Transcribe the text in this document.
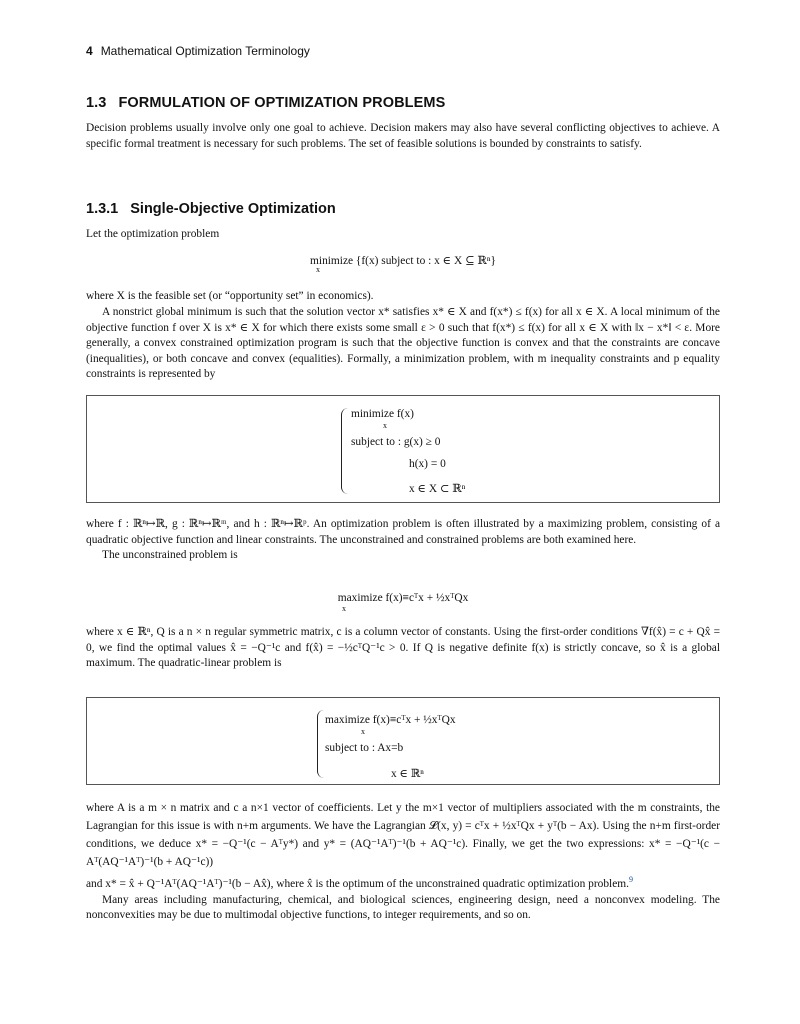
4 Mathematical Optimization Terminology
1.3 FORMULATION OF OPTIMIZATION PROBLEMS

Decision problems usually involve only one goal to achieve. Decision makers may also have several conflicting objectives to achieve. A specific formal treatment is necessary for such problems. The set of feasible solutions is bounded by constraints to satisfy.

1.3.1 Single-Objective Optimization

Let the optimization problem

minimize {f(x) subject to : x ∈ X ⊆ ℝⁿ}
x

where X is the feasible set (or “opportunity set” in economics).

A nonstrict global minimum is such that the solution vector x* satisfies x* ∈ X and f(x*) ≤ f(x) for all x ∈ X. A local minimum of the objective function f over X is x* ∈ X for which there exists some small ε > 0 such that f(x*) ≤ f(x) for all x ∈ X with ‖x − x*‖ < ε. More generally, a convex constrained optimization program is such that the objective function is convex and that the constraints are concave (inequalities), or both concave and convex (equalities). Formally, a minimization problem, with m inequality constraints and p equality constraints is represented by

minimize f(x)
x
subject to : g(x) ≥ 0
h(x) = 0
x ∈ X ⊂ ℝⁿ

where f : ℝⁿ↦ℝ, g : ℝⁿ↦ℝᵐ, and h : ℝⁿ↦ℝᵖ. An optimization problem is often illustrated by a maximizing problem, consisting of a quadratic objective function and linear constraints. The unconstrained and constrained problems are both examined here.

The unconstrained problem is

maximize f(x)≡cᵀx + ½xᵀQx
x

where x ∈ ℝⁿ, Q is a n × n regular symmetric matrix, c is a column vector of constants. Using the first-order conditions ∇f(x̂) = c + Qx̂ = 0, we find the optimal values x̂ = −Q⁻¹c and f(x̂) = −½cᵀQ⁻¹c > 0. If Q is negative definite f(x) is strictly concave, so x̂ is a global maximum. The quadratic-linear problem is

maximize f(x)≡cᵀx + ½xᵀQx
x
subject to : Ax=b
x ∈ ℝⁿ

where A is a m × n matrix and c a n×1 vector of coefficients. Let y the m×1 vector of multipliers associated with the m constraints, the Lagrangian for this issue is with n+m arguments. We have the Lagrangian 𝓛(x, y) = cᵀx + ½xᵀQx + yᵀ(b − Ax). Using the n+m first-order conditions, we deduce x* = −Q⁻¹(c − Aᵀy*) and y* = (AQ⁻¹Aᵀ)⁻¹(b + AQ⁻¹c). Finally, we get the two expressions: x* = −Q⁻¹(c − Aᵀ(AQ⁻¹Aᵀ)⁻¹(b + AQ⁻¹c))

and x* = x̂ + Q⁻¹Aᵀ(AQ⁻¹Aᵀ)⁻¹(b − Ax̂), where x̂ is the optimum of the unconstrained quadratic optimization problem.$^9$

Many areas including manufacturing, chemical, and biological sciences, engineering design, need a nonconvex modeling. The nonconvexities may be due to multimodal objective functions, to integer requirements, and so on.
